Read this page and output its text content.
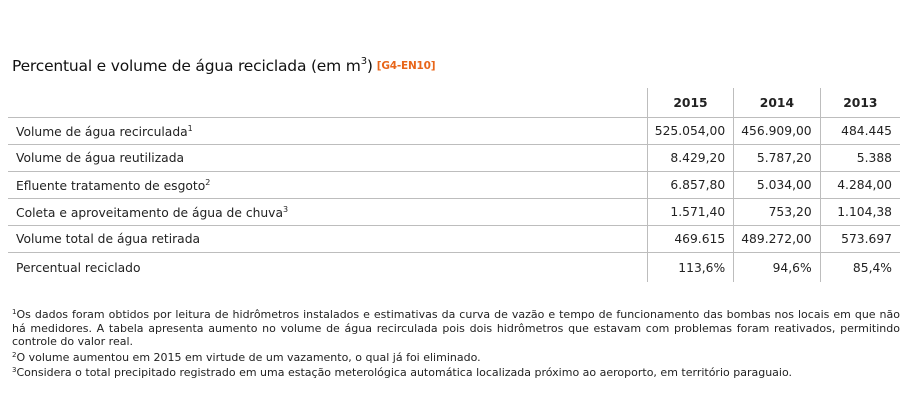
Percentual e volume de água reciclada (em $m^3$) [G4-EN10]
	2015	2014	2013
Volume de água recirculada$^1$	525.054,00	456.909,00	484.445
Volume de água reutilizada	8.429,20	5.787,20	5.388
Efluente tratamento de esgoto$^2$	6.857,80	5.034,00	4.284,00
Coleta e aproveitamento de água de chuva$^3$	1.571,40	753,20	1.104,38
Volume total de água retirada	469.615	489.272,00	573.697
Percentual reciclado	113,6%	94,6%	85,4%

$^1$Os dados foram obtidos por leitura de hidrômetros instalados e estimativas da curva de vazão e tempo de funcionamento das bombas nos locais em que não há medidores. A tabela apresenta aumento no volume de água recirculada pois dois hidrômetros que estavam com problemas foram reativados, permitindo controle do valor real.

$^2$O volume aumentou em 2015 em virtude de um vazamento, o qual já foi eliminado.

$^3$Considera o total precipitado registrado em uma estação meterológica automática localizada próximo ao aeroporto, em território paraguaio.
